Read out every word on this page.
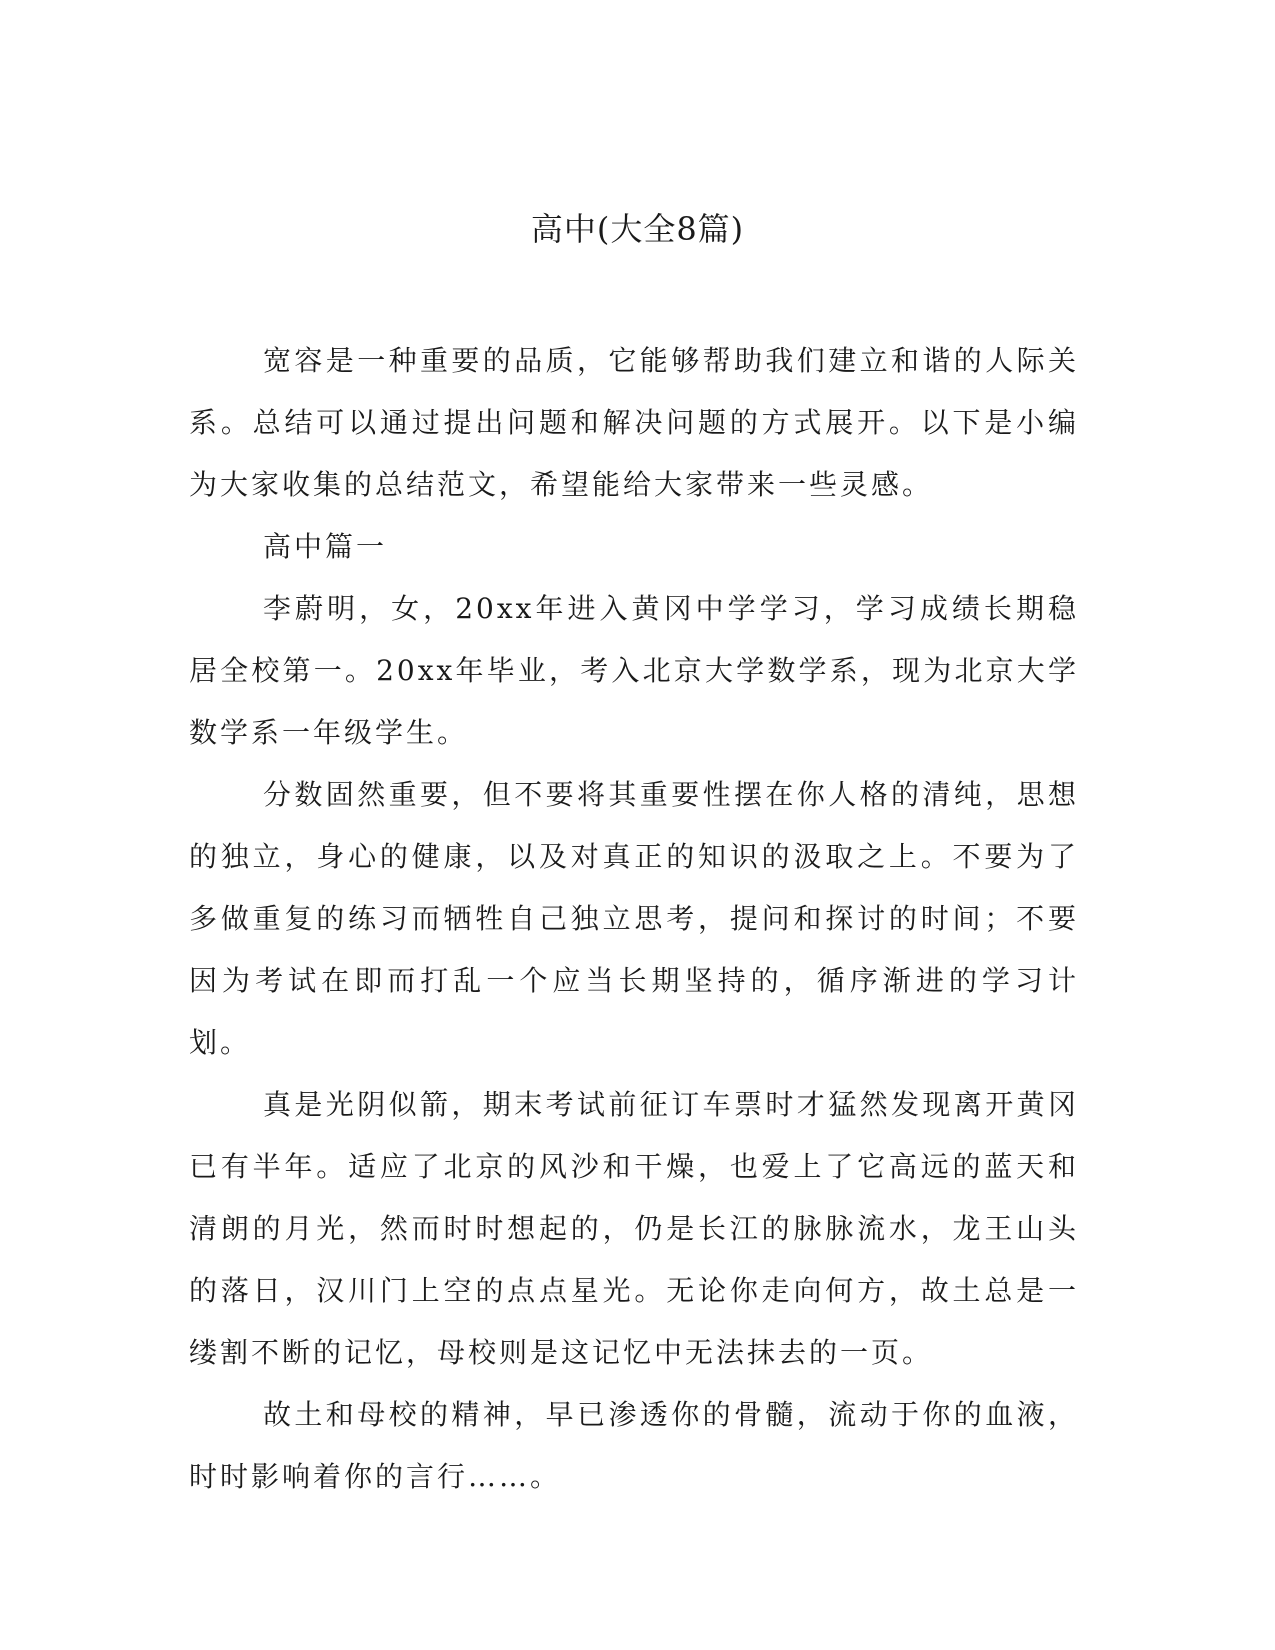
高中(大全8篇)

宽容是一种重要的品质，它能够帮助我们建立和谐的人际关系。总结可以通过提出问题和解决问题的方式展开。以下是小编为大家收集的总结范文，希望能给大家带来一些灵感。

高中篇一

李蔚明，女，20xx年进入黄冈中学学习，学习成绩长期稳居全校第一。20xx年毕业，考入北京大学数学系，现为北京大学数学系一年级学生。

分数固然重要，但不要将其重要性摆在你人格的清纯，思想的独立，身心的健康，以及对真正的知识的汲取之上。不要为了多做重复的练习而牺牲自己独立思考，提问和探讨的时间；不要因为考试在即而打乱一个应当长期坚持的，循序渐进的学习计划。

真是光阴似箭，期末考试前征订车票时才猛然发现离开黄冈已有半年。适应了北京的风沙和干燥，也爱上了它高远的蓝天和清朗的月光，然而时时想起的，仍是长江的脉脉流水，龙王山头的落日，汉川门上空的点点星光。无论你走向何方，故土总是一缕割不断的记忆，母校则是这记忆中无法抹去的一页。

故土和母校的精神，早已渗透你的骨髓，流动于你的血液，时时影响着你的言行……。
